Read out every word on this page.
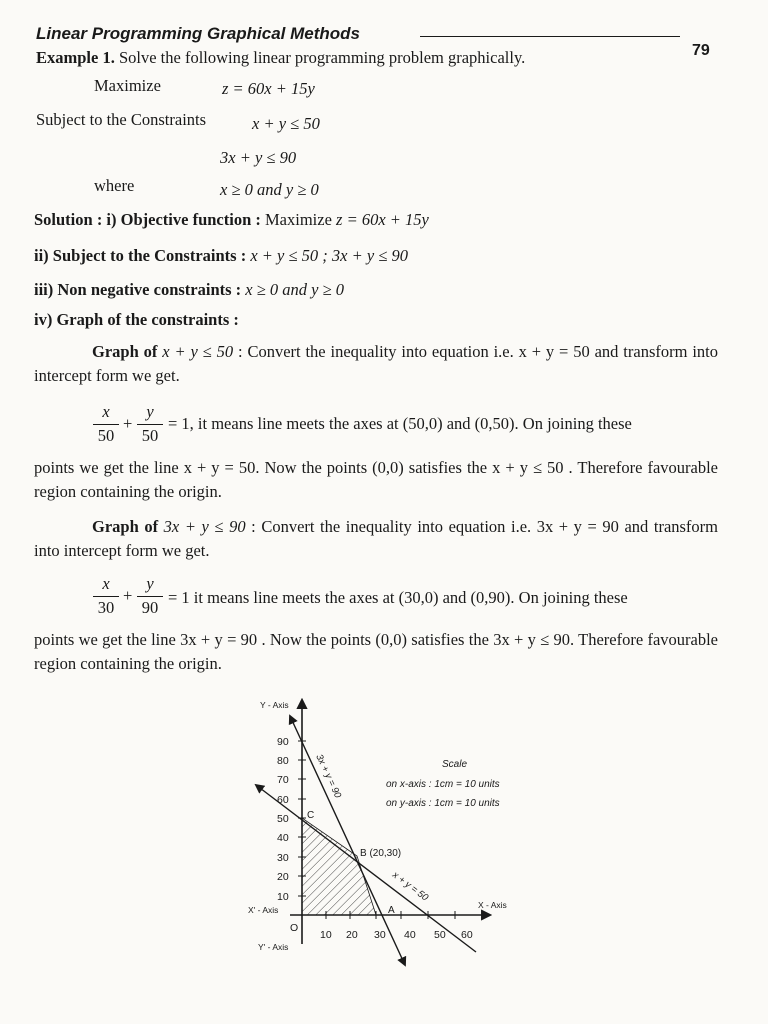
Linear Programming Graphical Methods
79
Example 1. Solve the following linear programming problem graphically.
Maximize	z = 60x + 15y
Subject to the Constraints	x + y ≤ 50
3x + y ≤ 90
where	x ≥ 0 and y ≥ 0
Solution : i) Objective function : Maximize z = 60x + 15y
ii) Subject to the Constraints : x + y ≤ 50 ; 3x + y ≤ 90
iii) Non negative constraints : x ≥ 0 and y ≥ 0
iv) Graph of the constraints :
Graph of x + y ≤ 50 : Convert the inequality into equation i.e. x + y = 50 and transform into intercept form we get.
x
50
+
y
50
= 1, it means line meets the axes at (50,0) and (0,50). On joining these
points we get the line x + y = 50. Now the points (0,0) satisfies the x + y ≤ 50 . Therefore favourable region containing the origin.
Graph of 3x + y ≤ 90 : Convert the inequality into equation i.e. 3x + y = 90 and transform into intercept form we get.
x
30
+
y
90
= 1 it means line meets the axes at (30,0) and (0,90). On joining these
points we get the line 3x + y = 90 . Now the points (0,0) satisfies the 3x + y ≤ 90. Therefore favourable region containing the origin.
10
20
30
40
50
60
70
80
90
10 20 30 40 50 60
Y - Axis
Y' - Axis
X - Axis
X' - Axis
O
3x + y = 90
x + y = 50
A
B (20,30)
C
Scale
on x-axis : 1cm = 10 units
on y-axis : 1cm = 10 units
